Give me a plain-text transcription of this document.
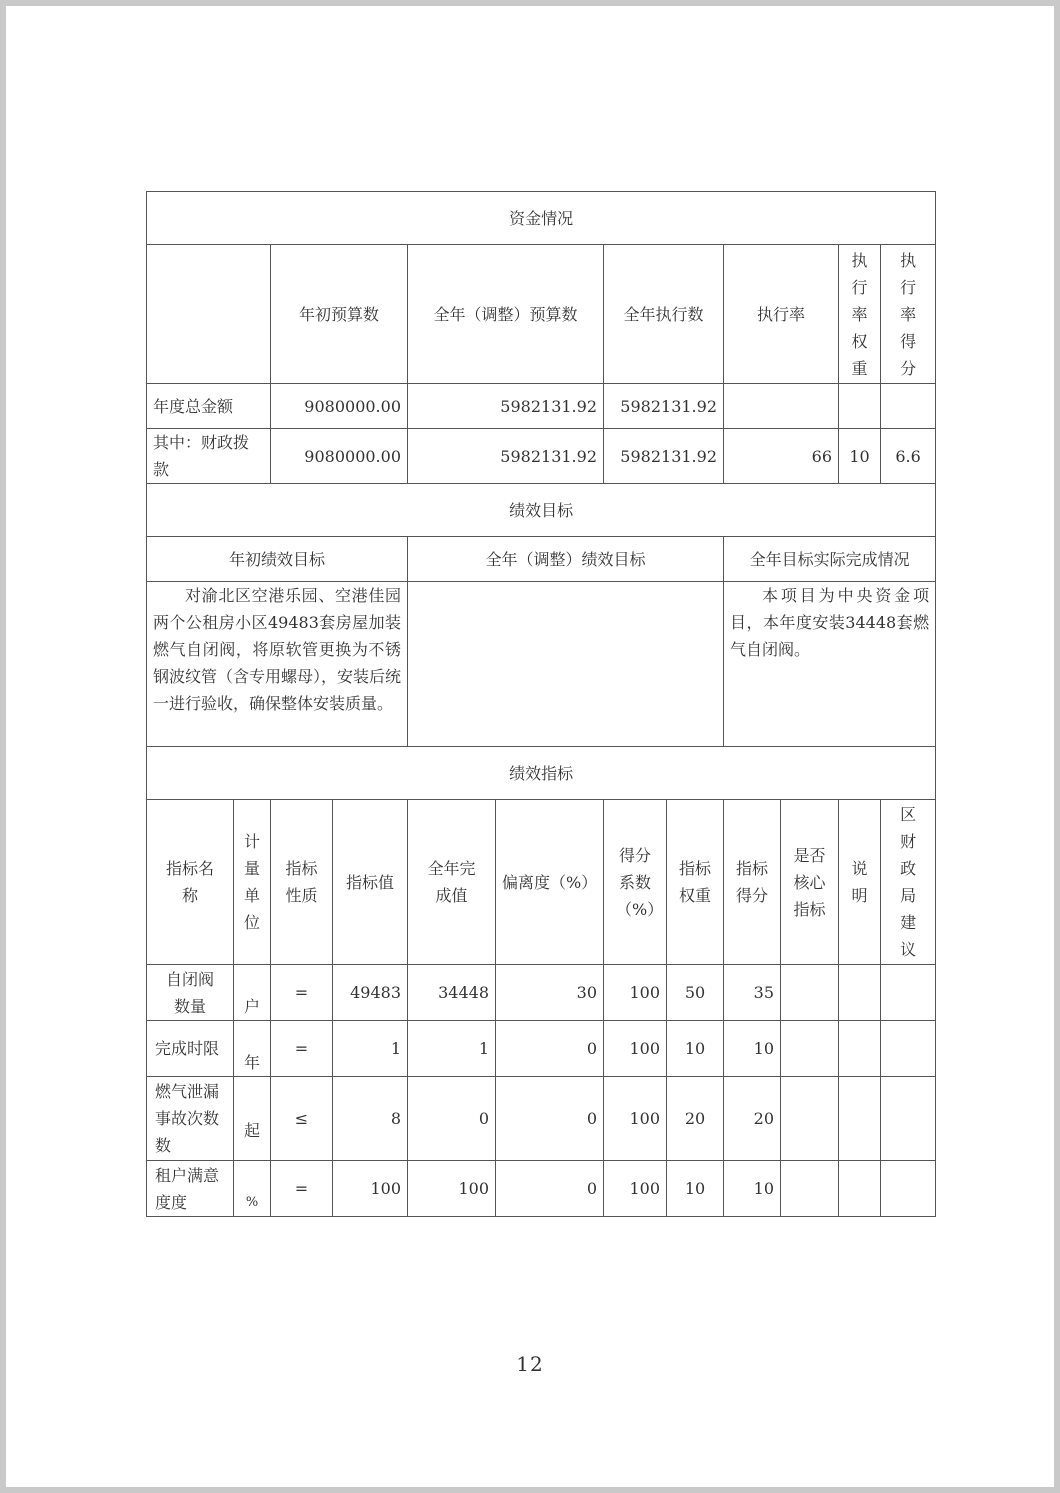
资金情况											
		年初预算数		全年（调整）预算数		全年执行数		执行率		执行率权重	执行率得分

年度总金额		9080000.00		5982131.92		5982131.92					
其中：财政拨款		9080000.00		5982131.92		5982131.92		66		10	6.6
绩效目标											
年初绩效目标				全年（调整）绩效目标				全年目标实际完成情况			
对渝北区空港乐园、空港佳园两个公租房小区49483套房屋加装燃气自闭阀，将原软管更换为不锈钢波纹管（含专用螺母），安装后统一进行验收，确保整体安装质量。								本项目为中央资金项目，本年度安装34448套燃气自闭阀。			
绩效指标											
指标名称	计量单位	指标性质	指标值	全年完成值	偏离度（%）	得分系数（%）	指标权重	指标得分	是否核心指标	说明	区财政局建议

自闭阀数量	户	=	49483	34448	30	100	50	35			
完成时限	年	=	1	1	0	100	10	10			
燃气泄漏事故次数数	起	≤	8	0	0	100	20	20			
租户满意度度	%	=	100	100	0	100	10	10			
12
